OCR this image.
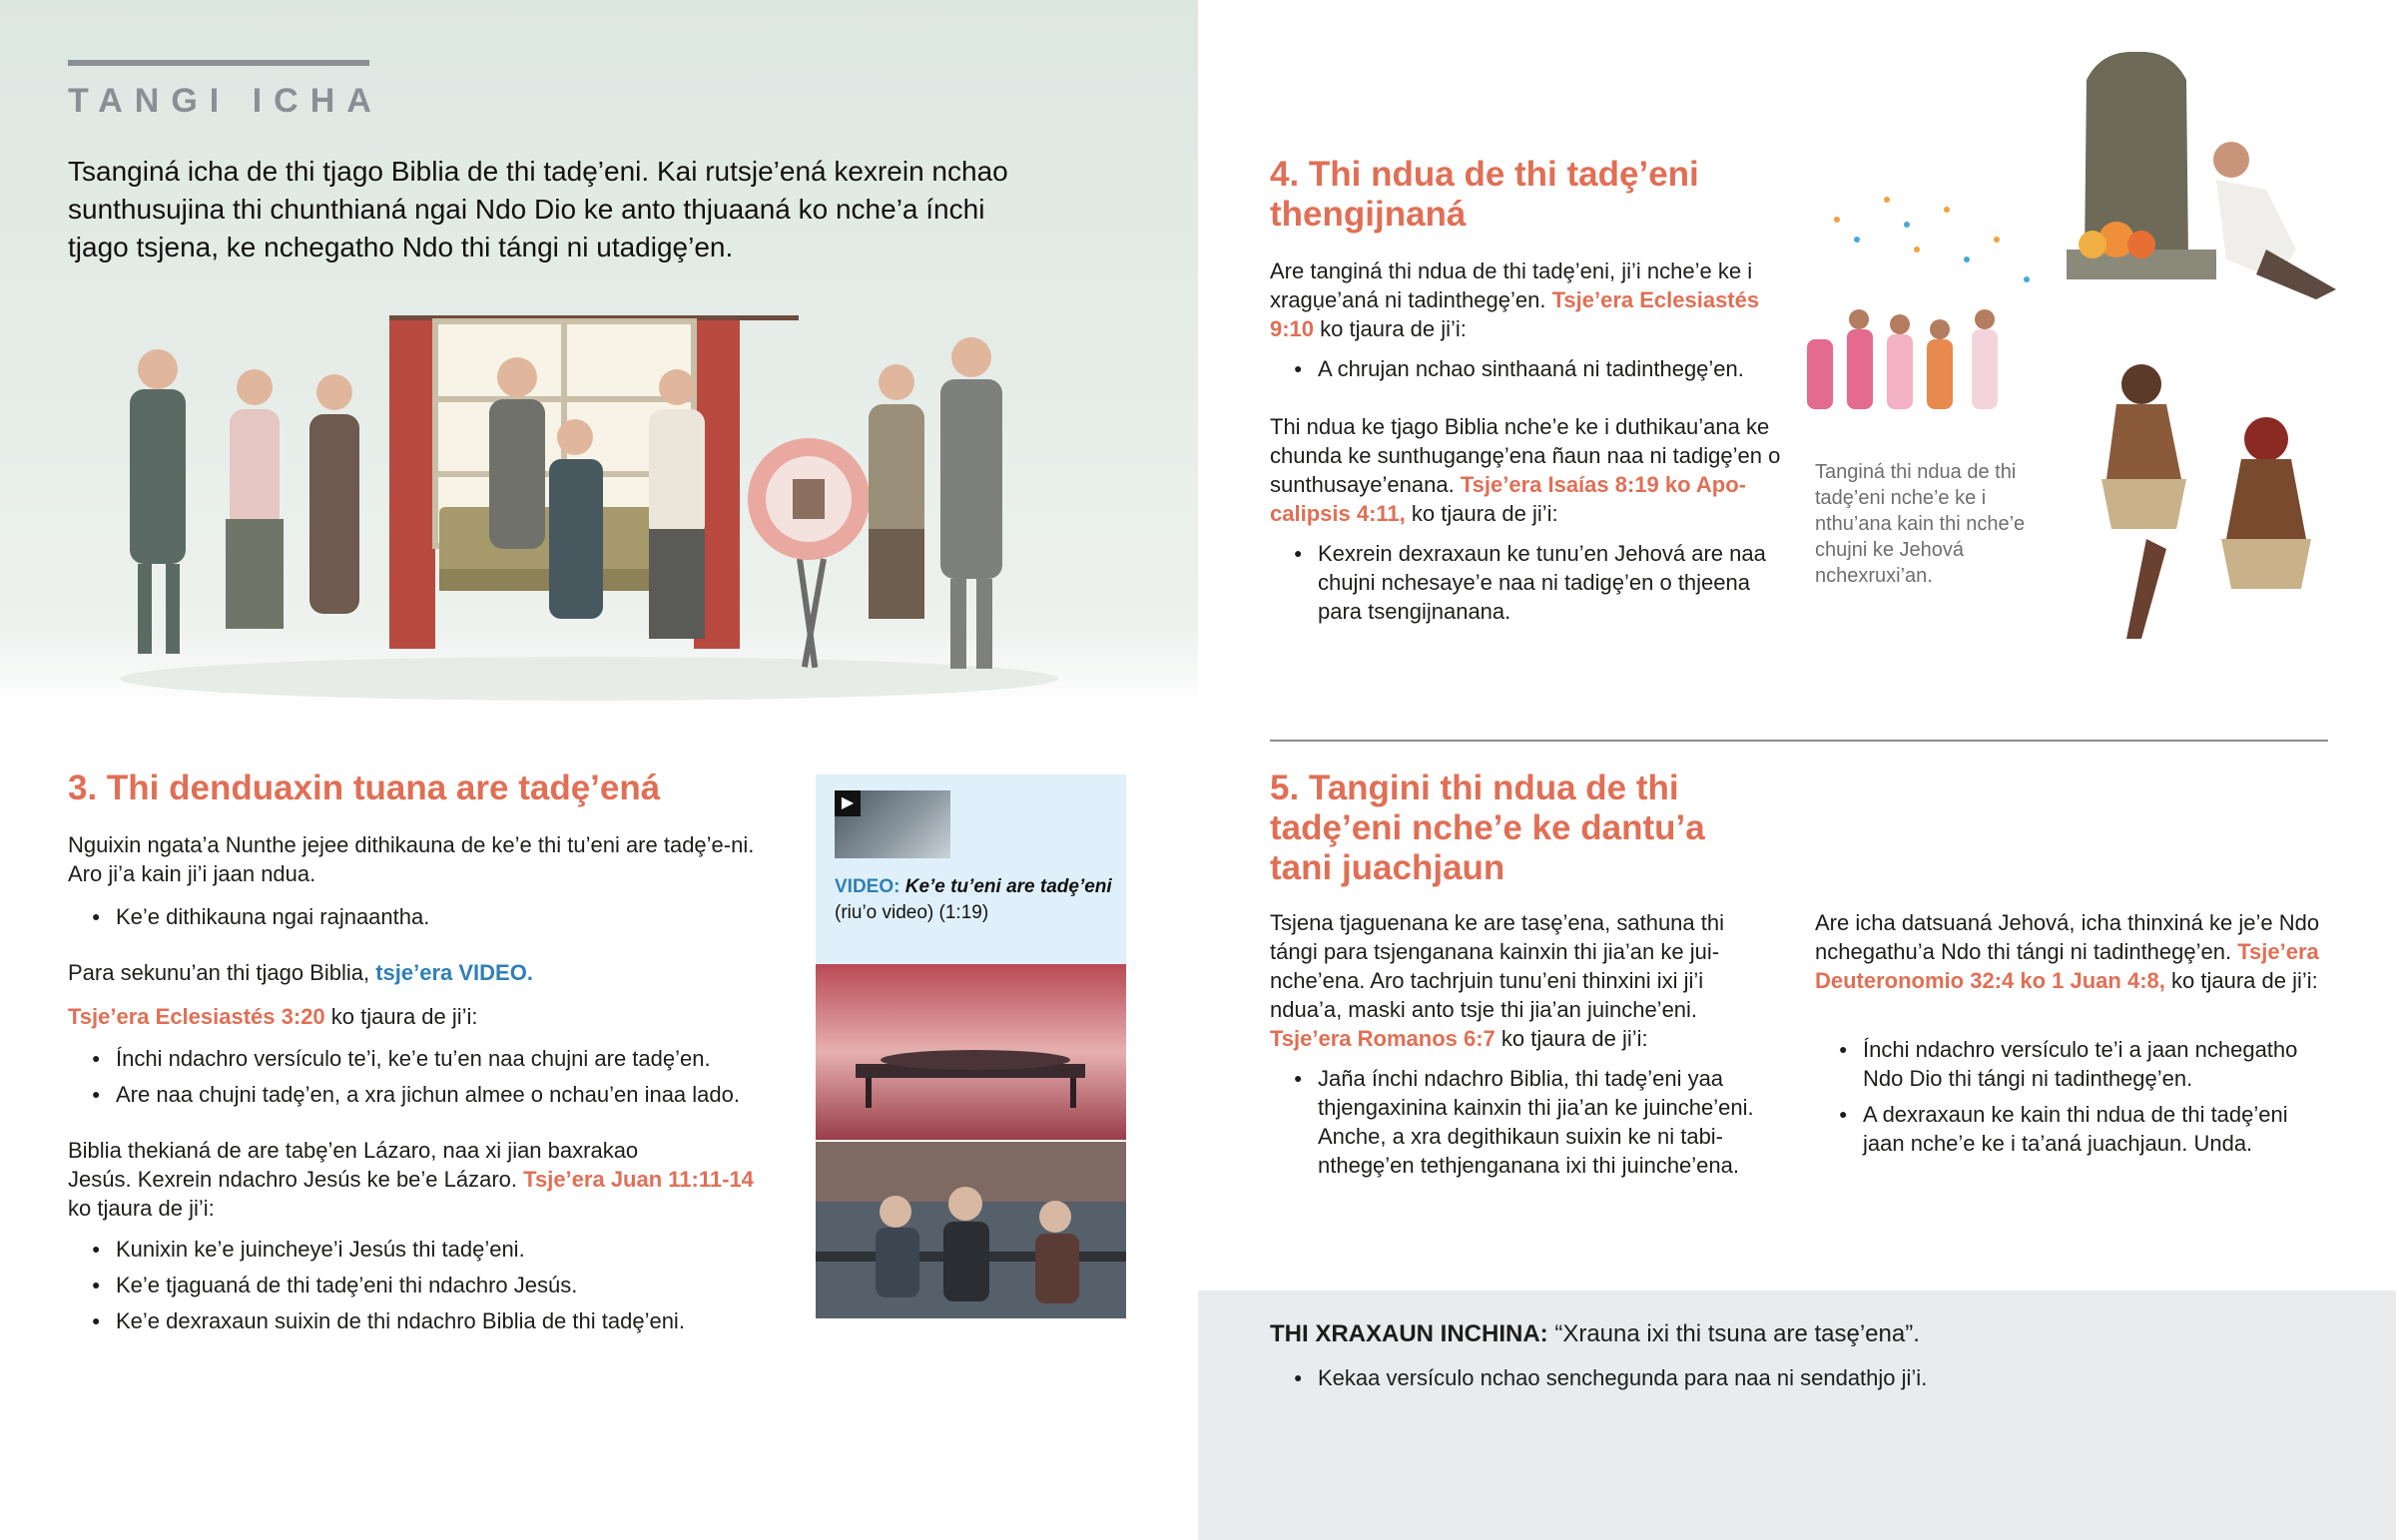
TANGI ICHA
Tsanginá icha de thi tjago Biblia de thi tadȩ’eni. Kai rutsje’ená kexrein nchao sunthusujina thi chunthianá ngai Ndo Dio ke anto thjuaaná ko nche’a ínchi tjago tsjena, ke nchegatho Ndo thi tángi ni utadigȩ’en.
3. Thi denduaxin tuana are tadȩ’ená
Nguixin ngata’a Nunthe jejee dithikauna de ke’e thi tu’eni are tadȩ’e-ni. Aro ji’a kain ji’i jaan ndua.
● Ke’e dithikauna ngai rajnaantha.
Para sekunu’an thi tjago Biblia, tsje’era VIDEO.
Tsje’era Eclesiastés 3:20 ko tjaura de ji’i:
● Ínchi ndachro versículo te’i, ke’e tu’en naa chujni are tadȩ’en.
● Are naa chujni tadȩ’en, a xra jichun almee o nchau’en inaa lado.
Biblia thekianá de are tabȩ’en Lázaro, naa xi jian baxrakao
Jesús. Kexrein ndachro Jesús ke be’e Lázaro. Tsje’era Juan 11:11-14
ko tjaura de ji’i:
● Kunixin ke’e juincheye’i Jesús thi tadȩ’eni.
● Ke’e tjaguaná de thi tadȩ’eni thi ndachro Jesús.
● Ke’e dexraxaun suixin de thi ndachro Biblia de thi tadȩ’eni.
▶
VIDEO: Ke’e tu’eni are tadȩ’eni
(riu’o video) (1:19)
4. Thi ndua de thi tadȩ’eni
thengijnaná
Are tanginá thi ndua de thi tadȩ’eni, ji’i nche’e ke i xragụe’aná ni tadinthegȩ’en. Tsje’era Eclesiastés 9:10 ko tjaura de ji’i:
● A chrujan nchao sinthaaná ni tadinthegȩ’en.
Thi ndua ke tjago Biblia nche’e ke i duthikau’ana ke chunda ke sunthugangȩ’ena ñaun naa ni tadigȩ’en o sunthusaye’enana. Tsje’era Isaías 8:19 ko Apo-calipsis 4:11, ko tjaura de ji’i:
● Kexrein dexraxaun ke tunu’en Jehová are naa chujni nchesaye’e naa ni tadigȩ’en o thjeena para tsengijnanana.
Tanginá thi ndua de thi tadȩ’eni nche’e ke i nthu’ana kain thi nche’e chujni ke Jehová nchexruxi’an.
5. Tangini thi ndua de thi
tadȩ’eni nche’e ke dantu’a
tani juachjaun
Tsjena tjaguenana ke are tasȩ’ena, sathuna thi tángi para tsjenganana kainxin thi jia’an ke jui-nche’ena. Aro tachrjuin tunu’eni thinxini ixi ji’i ndua’a, maski anto tsje thi jia’an juinche’eni. Tsje’era Romanos 6:7 ko tjaura de ji’i:
● Jaña ínchi ndachro Biblia, thi tadȩ’eni yaa thjengaxinina kainxin thi jia’an ke juinche’eni. Anche, a xra degithikaun suixin ke ni tabi-nthegȩ’en tethjenganana ixi thi juinche’ena.
Are icha datsuaná Jehová, icha thinxiná ke je’e Ndo nchegathu’a Ndo thi tángi ni tadinthegȩ’en. Tsje’era Deuteronomio 32:4 ko 1 Juan 4:8, ko tjaura de ji’i:
● Ínchi ndachro versículo te’i a jaan nchegatho Ndo Dio thi tángi ni tadinthegȩ’en.
● A dexraxaun ke kain thi ndua de thi tadȩ’eni jaan nche’e ke i ta’aná juachjaun. Unda.
THI XRAXAUN INCHINA: “Xrauna ixi thi tsuna are tasȩ’ena”.
● Kekaa versículo nchao senchegunda para naa ni sendathjo ji’i.
